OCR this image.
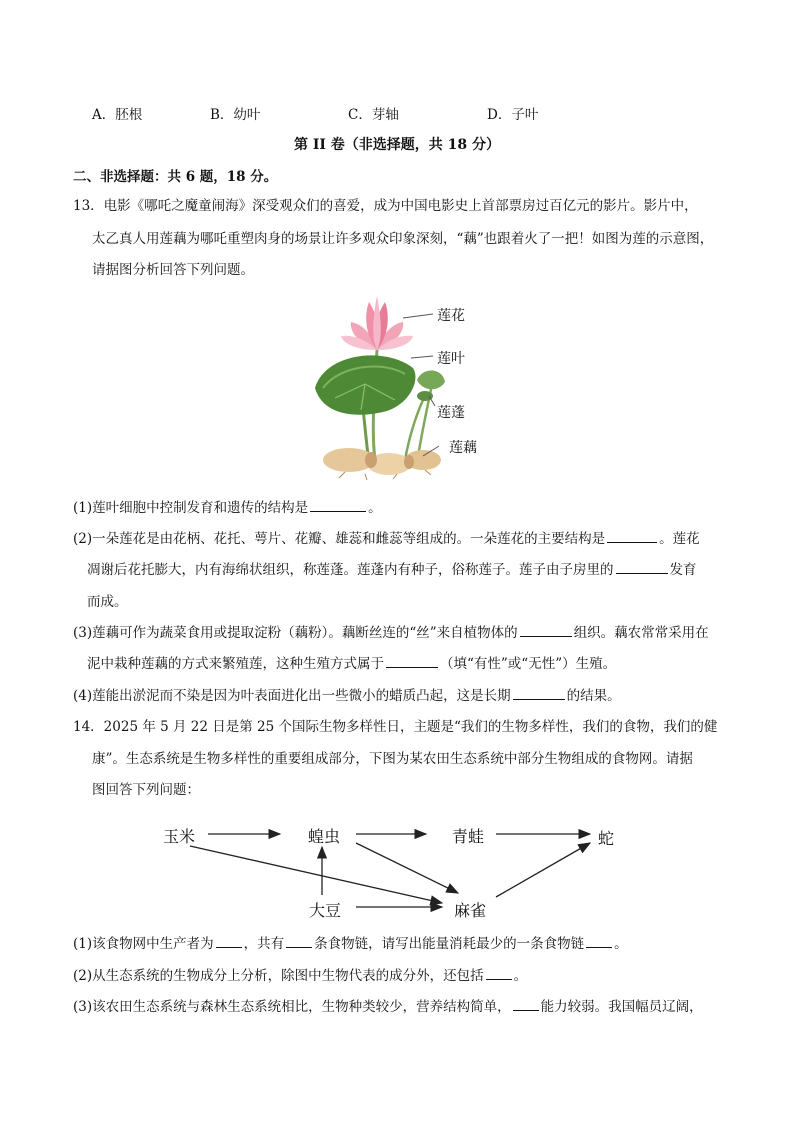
A．胚根	B．幼叶	C．芽轴	D．子叶
第 II 卷（非选择题，共 18 分）
二、非选择题：共 6 题，18 分。
13．电影《哪吒之魔童闹海》深受观众们的喜爱，成为中国电影史上首部票房过百亿元的影片。影片中，
太乙真人用莲藕为哪吒重塑肉身的场景让许多观众印象深刻，“藕”也跟着火了一把！如图为莲的示意图，
请据图分析回答下列问题。
莲花
莲叶
莲蓬
莲藕
(1)莲叶细胞中控制发育和遗传的结构是	。
(2)一朵莲花是由花柄、花托、萼片、花瓣、雄蕊和雌蕊等组成的。一朵莲花的主要结构是	。莲花
凋谢后花托膨大，内有海绵状组织，称莲蓬。莲蓬内有种子，俗称莲子。莲子由子房里的	发育
而成。
(3)莲藕可作为蔬菜食用或提取淀粉（藕粉）。藕断丝连的“丝”来自植物体的	组织。藕农常常采用在
泥中栽种莲藕的方式来繁殖莲，这种生殖方式属于	（填“有性”或“无性”）生殖。
(4)莲能出淤泥而不染是因为叶表面进化出一些微小的蜡质凸起，这是长期	的结果。
14．2025 年 5 月 22 日是第 25 个国际生物多样性日，主题是“我们的生物多样性，我们的食物，我们的健
康”。生态系统是生物多样性的重要组成部分，下图为某农田生态系统中部分生物组成的食物网。请据
图回答下列问题：
玉米	蝗虫	青蛙	蛇
大豆	麻雀
(1)该食物网中生产者为 ，共有 条食物链，请写出能量消耗最少的一条食物链 。
(2)从生态系统的生物成分上分析，除图中生物代表的成分外，还包括 。
(3)该农田生态系统与森林生态系统相比，生物种类较少，营养结构简单， 能力较弱。我国幅员辽阔，
